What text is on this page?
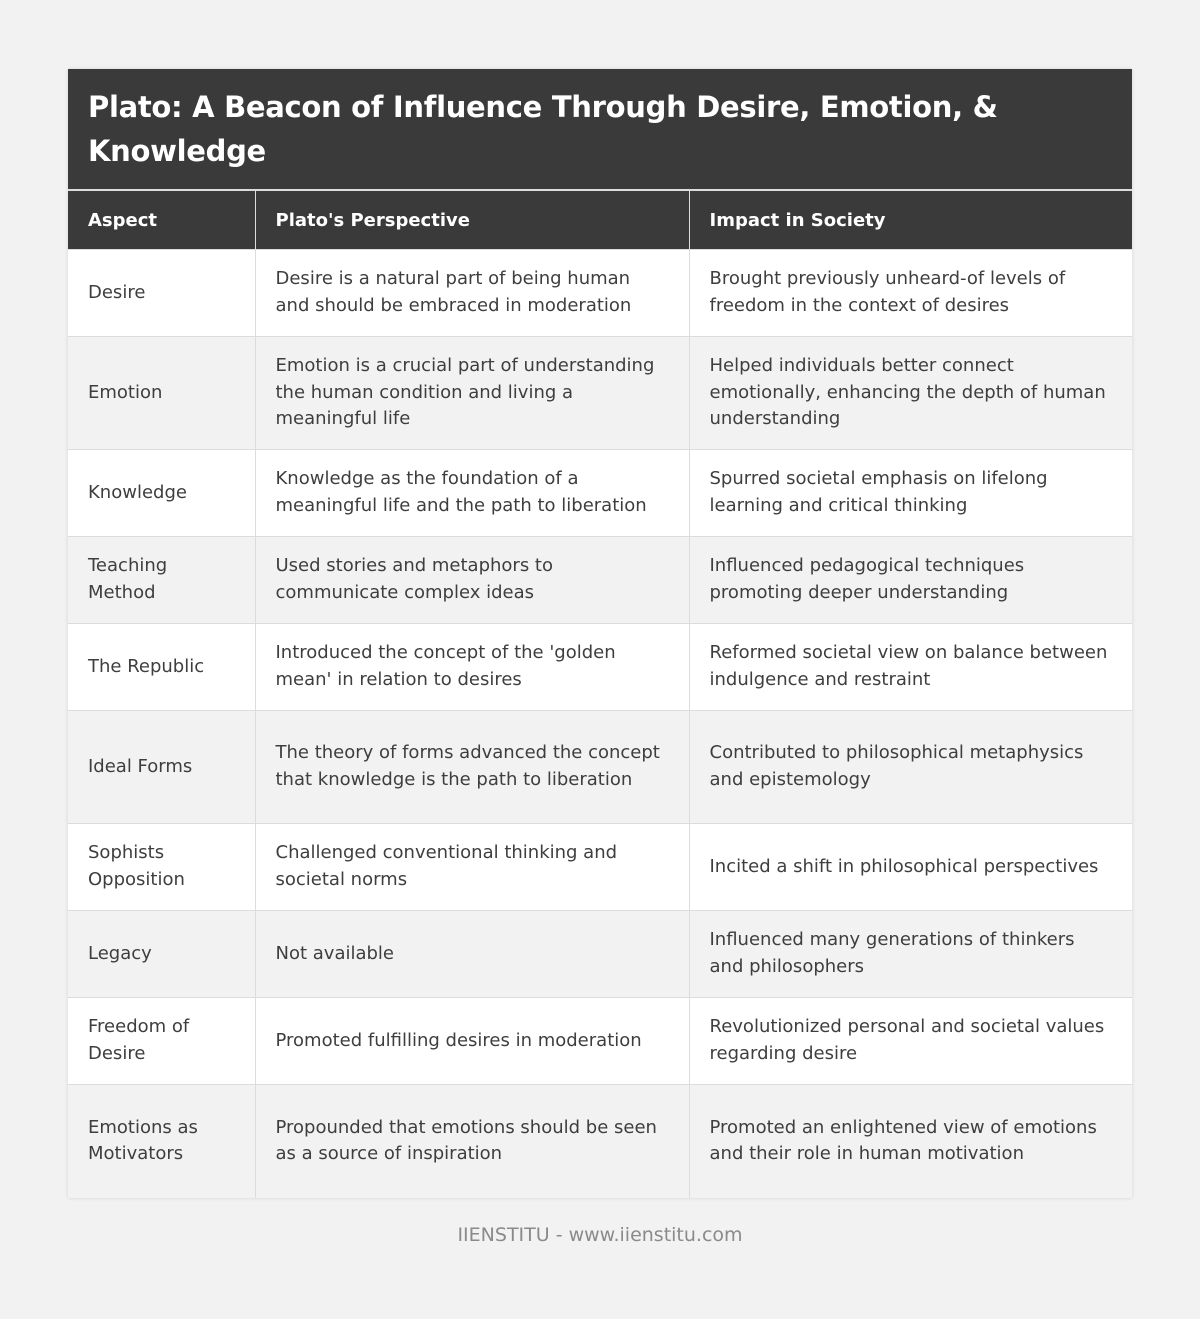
Plato: A Beacon of Influence Through Desire, Emotion, & Knowledge
Aspect	Plato's Perspective	Impact in Society
Desire	Desire is a natural part of being human and should be embraced in moderation	Brought previously unheard-of levels of freedom in the context of desires
Emotion	Emotion is a crucial part of understanding the human condition and living a meaningful life	Helped individuals better connect emotionally, enhancing the depth of human understanding
Knowledge	Knowledge as the foundation of a meaningful life and the path to liberation	Spurred societal emphasis on lifelong learning and critical thinking
Teaching Method	Used stories and metaphors to communicate complex ideas	Influenced pedagogical techniques promoting deeper understanding
The Republic	Introduced the concept of the 'golden mean' in relation to desires	Reformed societal view on balance between indulgence and restraint
Ideal Forms	The theory of forms advanced the concept that knowledge is the path to liberation	Contributed to philosophical metaphysics and epistemology
Sophists Opposition	Challenged conventional thinking and societal norms	Incited a shift in philosophical perspectives
Legacy	Not available	Influenced many generations of thinkers and philosophers
Freedom of Desire	Promoted fulfilling desires in moderation	Revolutionized personal and societal values regarding desire
Emotions as Motivators	Propounded that emotions should be seen as a source of inspiration	Promoted an enlightened view of emotions and their role in human motivation
IIENSTITU - www.iienstitu.com
